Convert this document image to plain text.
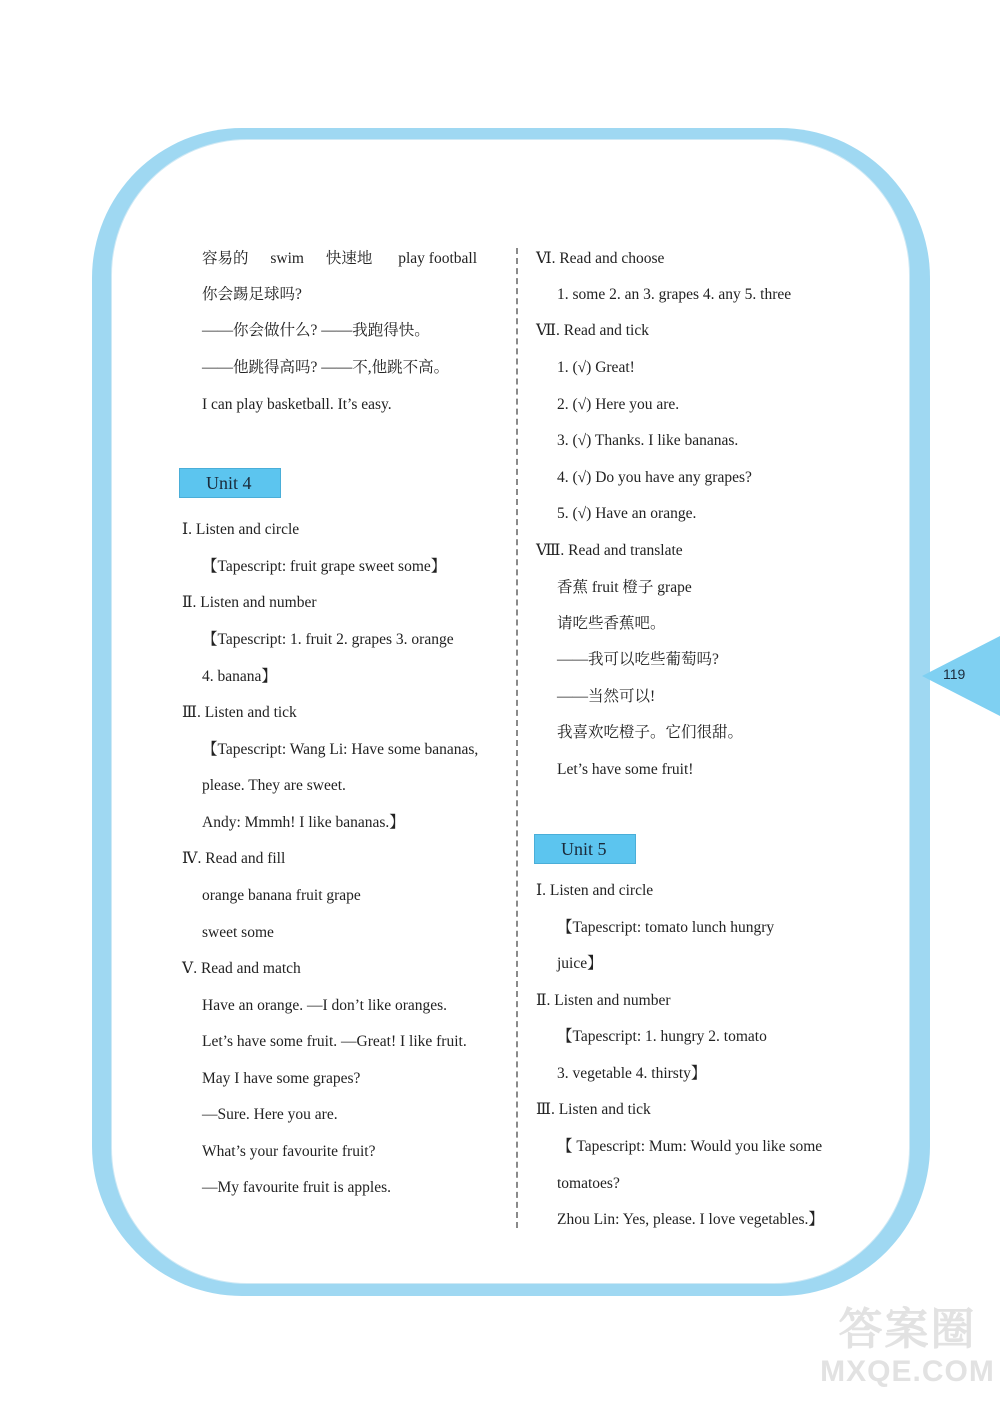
容易的 swim 快速地 play football
你会踢足球吗?
——你会做什么? ——我跑得快。
——他跳得高吗? ——不,他跳不高。
I can play basketball. It’s easy.
Unit 4
Ⅰ. Listen and circle
【Tapescript: fruit grape sweet some】
Ⅱ. Listen and number
【Tapescript: 1. fruit 2. grapes 3. orange
4. banana】
Ⅲ. Listen and tick
【Tapescript: Wang Li: Have some bananas,
please. They are sweet.
Andy: Mmmh! I like bananas.】
Ⅳ. Read and fill
orange banana fruit grape
sweet some
Ⅴ. Read and match
Have an orange. —I don’t like oranges.
Let’s have some fruit. —Great! I like fruit.
May I have some grapes?
—Sure. Here you are.
What’s your favourite fruit?
—My favourite fruit is apples.
Ⅵ. Read and choose
1. some 2. an 3. grapes 4. any 5. three
Ⅶ. Read and tick
1. (√) Great!
2. (√) Here you are.
3. (√) Thanks. I like bananas.
4. (√) Do you have any grapes?
5. (√) Have an orange.
Ⅷ. Read and translate
香蕉 fruit 橙子 grape
请吃些香蕉吧。
——我可以吃些葡萄吗?
——当然可以!
我喜欢吃橙子。它们很甜。
Let’s have some fruit!
Unit 5
Ⅰ. Listen and circle
【Tapescript: tomato lunch hungry
juice】
Ⅱ. Listen and number
【Tapescript: 1. hungry 2. tomato
3. vegetable 4. thirsty】
Ⅲ. Listen and tick
【 Tapescript: Mum: Would you like some
tomatoes?
Zhou Lin: Yes, please. I love vegetables.】
119
答案圈
MXQE.COM
